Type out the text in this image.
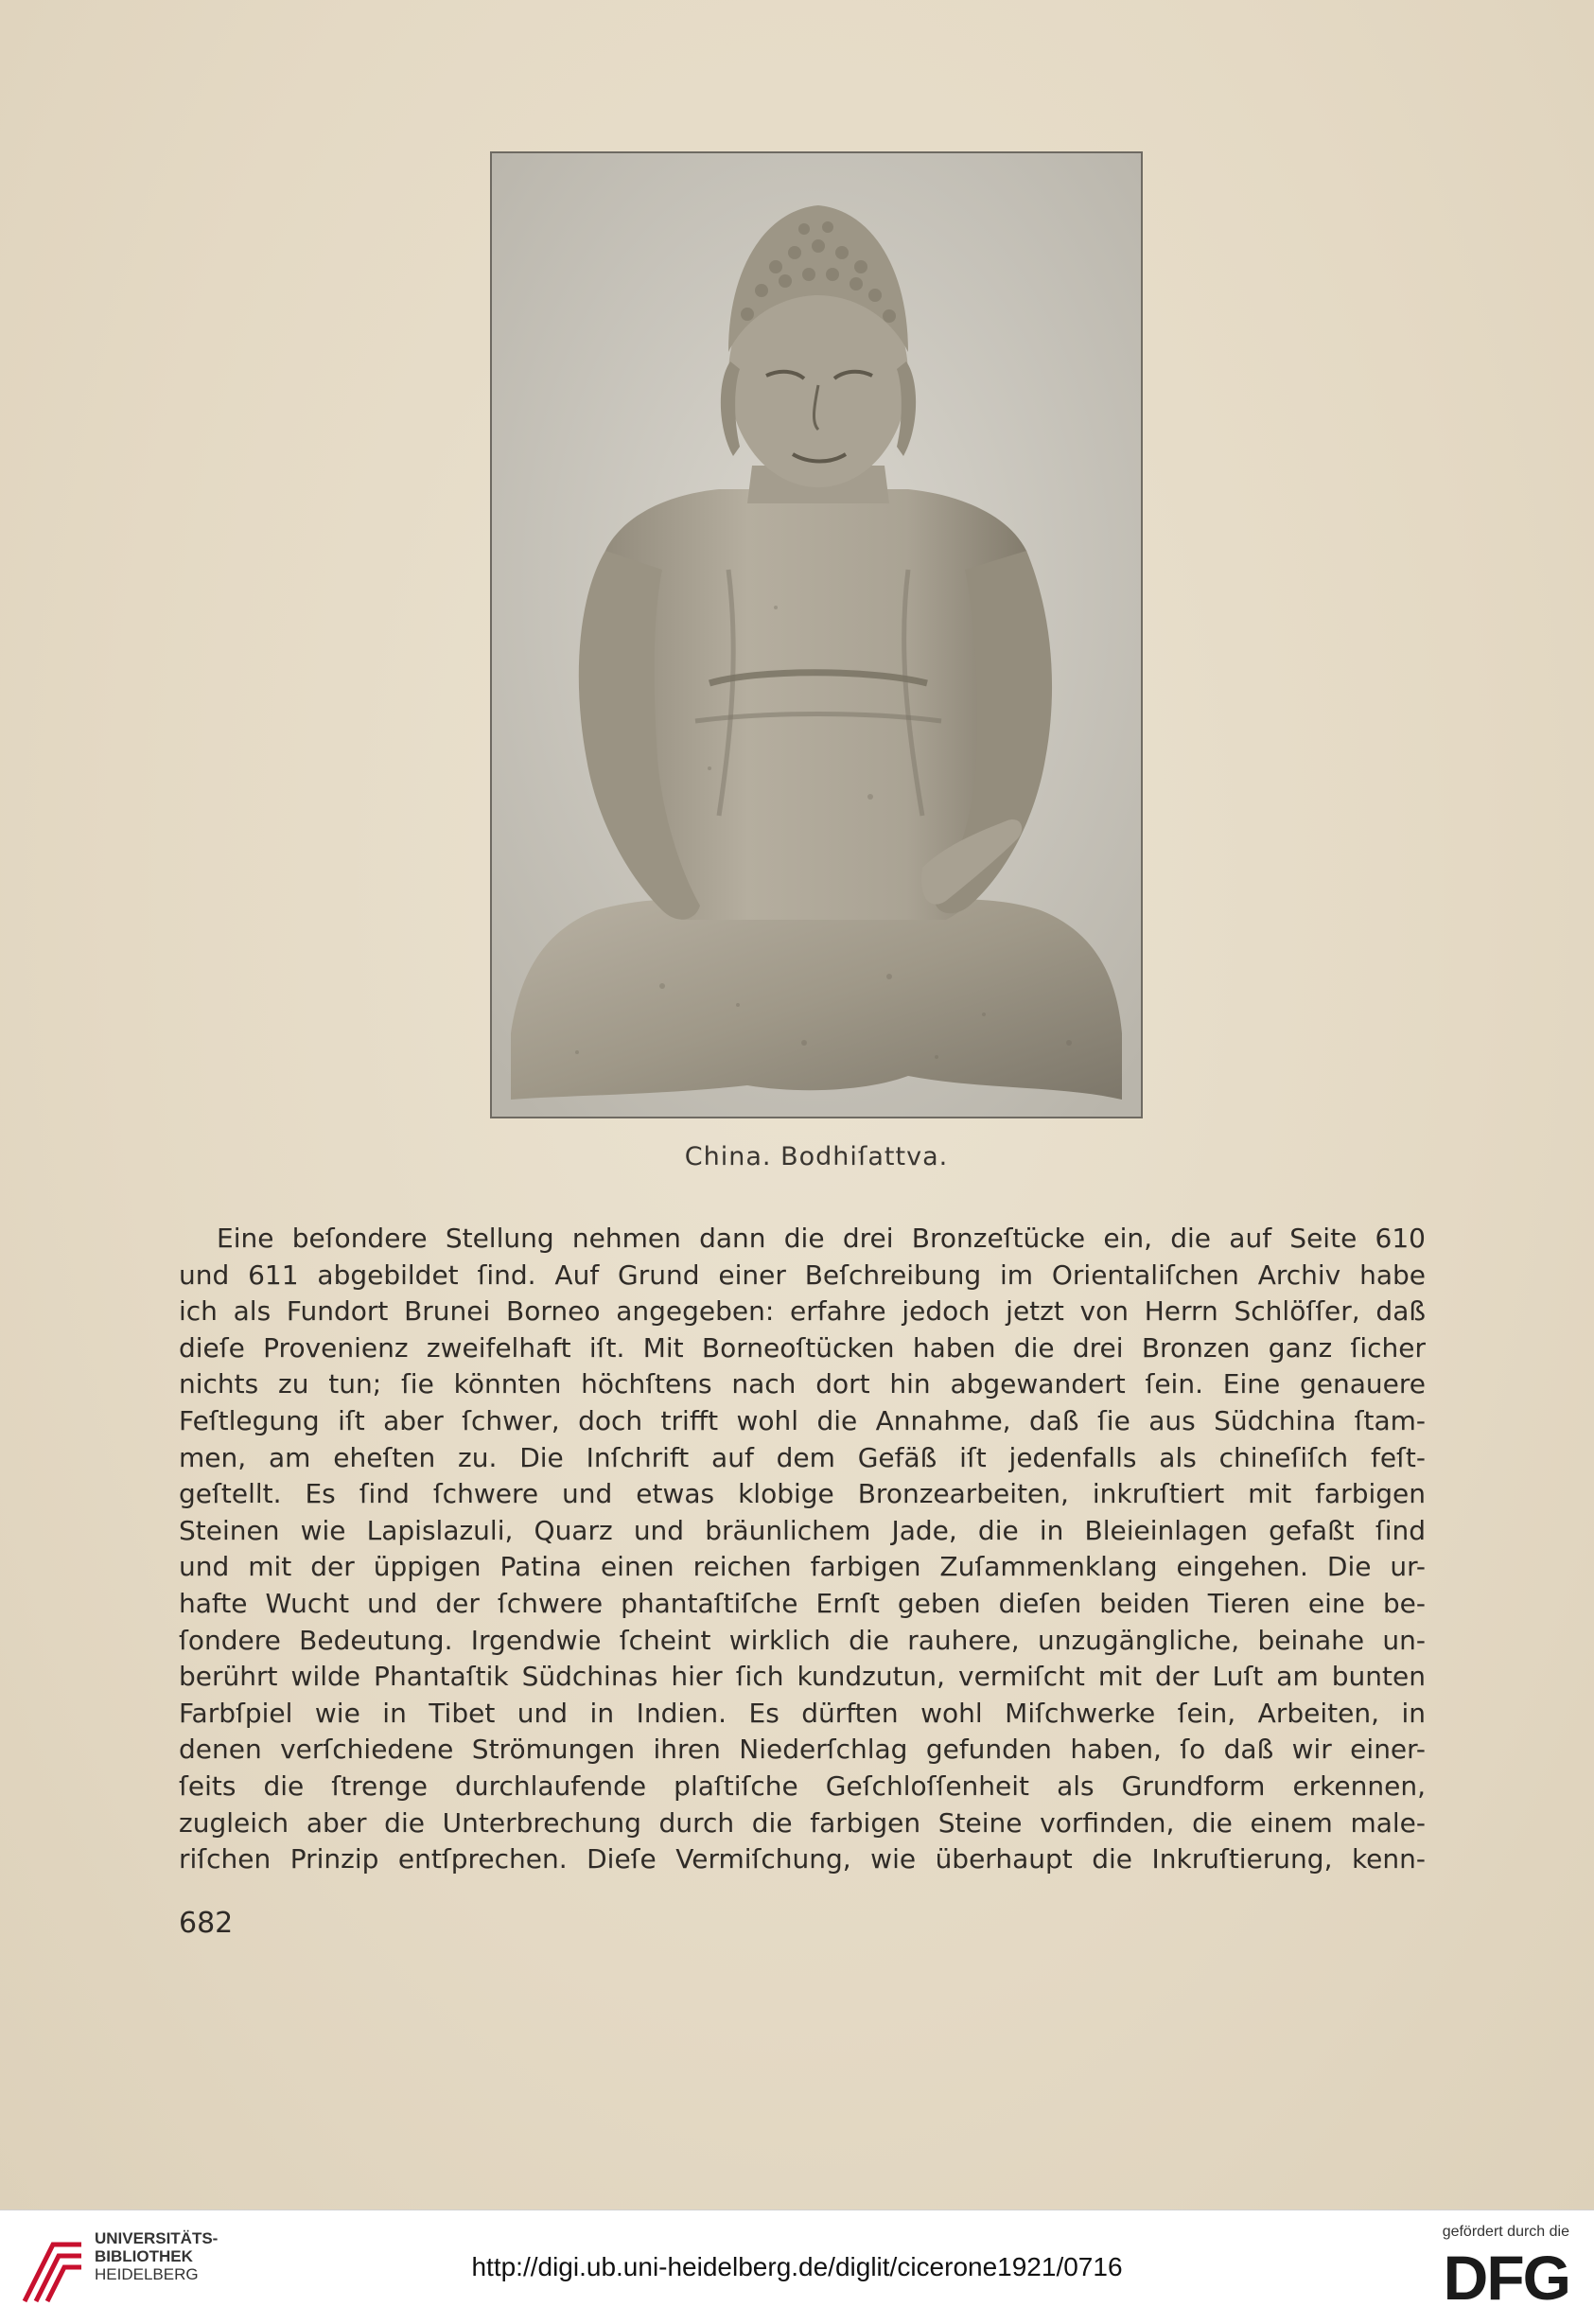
China. Bodhiſattva.
Eine beſondere Stellung nehmen dann die drei Bronzeſtücke ein, die auf Seite 610
und 611 abgebildet ſind. Auf Grund einer Beſchreibung im Orientaliſchen Archiv habe
ich als Fundort Brunei Borneo angegeben: erfahre jedoch jetzt von Herrn Schlöſſer, daß
dieſe Provenienz zweifelhaft iſt. Mit Borneoſtücken haben die drei Bronzen ganz ſicher
nichts zu tun; ſie könnten höchſtens nach dort hin abgewandert ſein. Eine genauere
Feſtlegung iſt aber ſchwer, doch trifft wohl die Annahme, daß ſie aus Südchina ſtam-
men, am eheſten zu. Die Inſchrift auf dem Gefäß iſt jedenfalls als chineſiſch feſt-
geſtellt. Es ſind ſchwere und etwas klobige Bronzearbeiten, inkruſtiert mit farbigen
Steinen wie Lapislazuli, Quarz und bräunlichem Jade, die in Bleieinlagen gefaßt ſind
und mit der üppigen Patina einen reichen farbigen Zuſammenklang eingehen. Die ur-
hafte Wucht und der ſchwere phantaſtiſche Ernſt geben dieſen beiden Tieren eine be-
ſondere Bedeutung. Irgendwie ſcheint wirklich die rauhere, unzugängliche, beinahe un-
berührt wilde Phantaſtik Südchinas hier ſich kundzutun, vermiſcht mit der Luſt am bunten
Farbſpiel wie in Tibet und in Indien. Es dürften wohl Miſchwerke ſein, Arbeiten, in
denen verſchiedene Strömungen ihren Niederſchlag gefunden haben, ſo daß wir einer-
ſeits die ſtrenge durchlaufende plaſtiſche Geſchloſſenheit als Grundform erkennen,
zugleich aber die Unterbrechung durch die farbigen Steine vorfinden, die einem male-
riſchen Prinzip entſprechen. Dieſe Vermiſchung, wie überhaupt die Inkruſtierung, kenn-
682
UNIVERSITÄTS-
BIBLIOTHEK
HEIDELBERG	http://digi.ub.uni-heidelberg.de/diglit/cicerone1921/0716
gefördert durch die
DFG
